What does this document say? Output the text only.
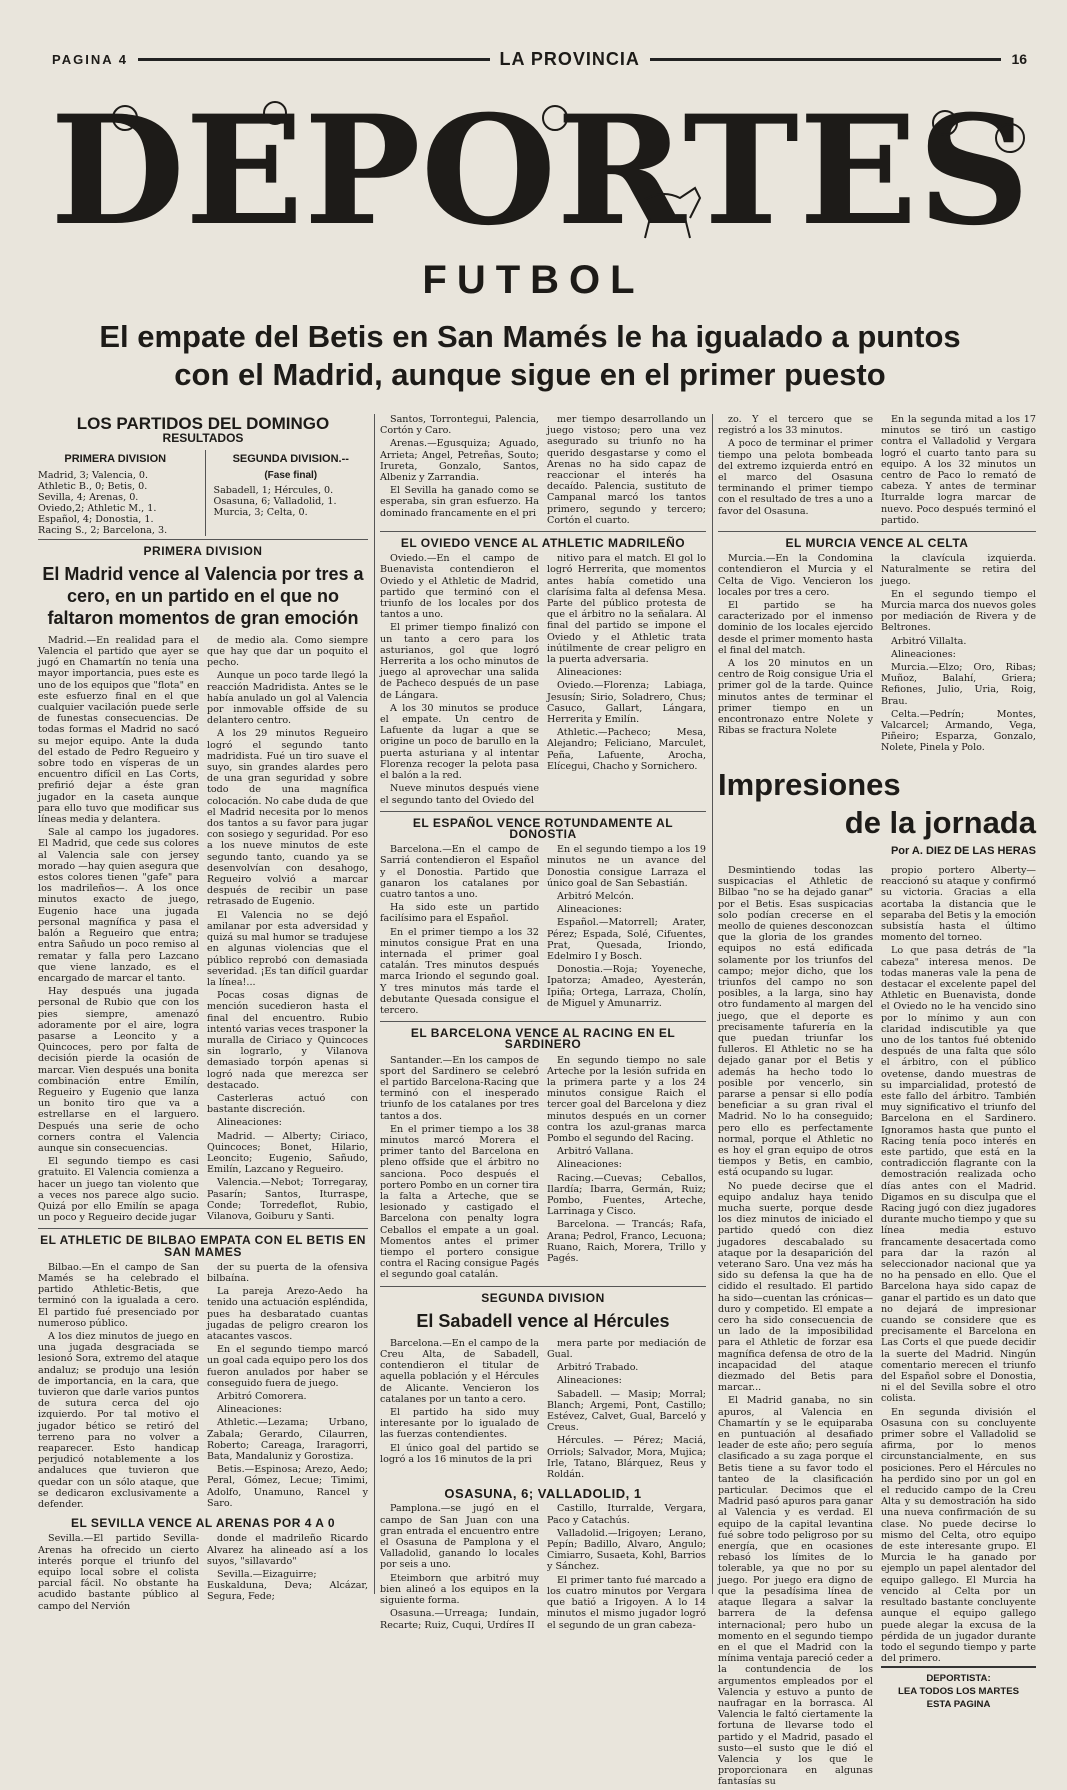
PAGINA 4	LA PROVINCIA	16
DEPORTES
FUTBOL
El empate del Betis en San Mamés le ha igualado a puntos
con el Madrid, aunque sigue en el primer puesto
LOS PARTIDOS DEL DOMINGO
RESULTADOS
PRIMERA DIVISION
Madrid, 3; Valencia, 0.
Athletic B., 0; Betis, 0.
Sevilla, 4; Arenas, 0.
Oviedo,2; Athletic M., 1.
Español, 4; Donostia, 1.
Racing S., 2; Barcelona, 3.
SEGUNDA DIVISION.--
(Fase final)
Sabadell, 1; Hércules, 0.
Osasuna, 6; Valladolid, 1.
Murcia, 3; Celta, 0.
PRIMERA DIVISION
El Madrid vence al Valencia por tres a cero, en un partido en el que no faltaron momentos de gran emoción

Madrid.—En realidad para el Valencia el partido que ayer se jugó en Chamartín no tenía una mayor importancia, pues este es uno de los equipos que "flota" en este esfuerzo final en el que cualquier vacilación puede serle de funestas consecuencias. De todas formas el Madrid no sacó su mejor equipo. Ante la duda del estado de Pedro Regueiro y sobre todo en vísperas de un encuentro difícil en Las Corts, prefirió dejar a éste gran jugador en la caseta aunque para ello tuvo que modificar sus líneas media y delantera.

Sale al campo los jugadores. El Madrid, que cede sus colores al Valencia sale con jersey morado —hay quien asegura que estos colores tienen "gafe" para los madrileños—. A los once minutos exacto de juego, Eugenio hace una jugada personal magnífica y pasa el balón a Regueiro que entra; entra Sañudo un poco remiso al rematar y falla pero Lazcano que viene lanzado, es el encargado de marcar el tanto.

Hay después una jugada personal de Rubio que con los pies siempre, amenazó adoramente por el aire, logra pasarse a Leoncito y a Quincoces, pero por falta de decisión pierde la ocasión de marcar. Vien después una bonita combinación entre Emilín, Regueiro y Eugenio que lanza un bonito tiro que va a estrellarse en el larguero. Después una serie de ocho corners contra el Valencia aunque sin consecuencias.

El segundo tiempo es casi gratuito. El Valencia comienza a hacer un juego tan violento que a veces nos parece algo sucio. Quizá por ello Emilín se apaga un poco y Regueiro decide jugar

de medio ala. Como siempre que hay que dar un poquito el pecho.

Aunque un poco tarde llegó la reacción Madridista. Antes se le había anulado un gol al Valencia por inmovable offside de su delantero centro.

A los 29 minutos Regueiro logró el segundo tanto madridista. Fué un tiro suave el suyo, sin grandes alardes pero de una gran seguridad y sobre todo de una magnífica colocación. No cabe duda de que el Madrid necesita por lo menos dos tantos a su favor para jugar con sosiego y seguridad. Por eso a los nueve minutos de este segundo tanto, cuando ya se desenvolvían con desahogo, Regueiro volvió a marcar después de recibir un pase retrasado de Eugenio.

El Valencia no se dejó amilanar por esta adversidad y quizá su mal humor se tradujese en algunas violencias que el público reprobó con demasiada severidad. ¡Es tan difícil guardar la línea!...

Pocas cosas dignas de mención sucedieron hasta el final del encuentro. Rubio intentó varias veces trasponer la muralla de Ciriaco y Quincoces sin lograrlo, y Vilanova demasiado torpón apenas si logró nada que merezca ser destacado.

Casterleras actuó con bastante discreción.

Alineaciones:

Madrid. — Alberty; Ciriaco, Quincoces; Bonet, Hilario, Leoncito; Eugenio, Sañudo, Emilín, Lazcano y Regueiro.

Valencia.—Nebot; Torregaray, Pasarín; Santos, Iturraspe, Conde; Torredeflot, Rubio, Vilanova, Goiburu y Santi.

EL ATHLETIC DE BILBAO EMPATA CON EL BETIS EN SAN MAMES

Bilbao.—En el campo de San Mamés se ha celebrado el partido Athletic-Betis, que terminó con la igualada a cero. El partido fué presenciado por numeroso público.

A los diez minutos de juego en una jugada desgraciada se lesionó Sora, extremo del ataque andaluz; se produjo una lesión de importancia, en la cara, que tuvieron que darle varios puntos de sutura cerca del ojo izquierdo. Por tal motivo el jugador bético se retiró del terreno para no volver a reaparecer. Esto handicap perjudicó notablemente a los andaluces que tuvieron que quedar con un sólo ataque, que se dedicaron exclusivamente a defender.

der su puerta de la ofensiva bilbaína.

La pareja Arezo-Aedo ha tenido una actuación espléndida, pues ha desbaratado cuantas jugadas de peligro crearon los atacantes vascos.

En el segundo tiempo marcó un goal cada equipo pero los dos fueron anulados por haber se conseguido fuera de juego.

Arbitró Comorera.

Alineaciones:

Athletic.—Lezama; Urbano, Zabala; Gerardo, Cilaurren, Roberto; Careaga, Iraragorri, Bata, Mandaluniz y Gorostiza.

Betis.—Espinosa; Arezo, Aedo; Peral, Gómez, Lecue; Timimi, Adolfo, Unamuno, Rancel y Saro.

EL SEVILLA VENCE AL ARENAS POR 4 A 0

Sevilla.—El partido Sevilla-Arenas ha ofrecido un cierto interés porque el triunfo del equipo local sobre el colista parcial fácil. No obstante ha acudido bastante público al campo del Nervión

donde el madrileño Ricardo Alvarez ha alineado así a los suyos, "sillavardo"

Sevilla.—Eizaguirre; Euskalduna, Deva; Alcázar, Segura, Fede;

Santos, Torrontegui, Palencia, Cortón y Caro.

Arenas.—Egusquiza; Aguado, Arrieta; Angel, Petreñas, Souto; Irureta, Gonzalo, Santos, Albeniz y Zarrandia.

El Sevilla ha ganado como se esperaba, sin gran esfuerzo. Ha dominado francamente en el pri

mer tiempo desarrollando un juego vistoso; pero una vez asegurado su triunfo no ha querido desgastarse y como el Arenas no ha sido capaz de reaccionar el interés ha decaído. Palencia, sustituto de Campanal marcó los tantos primero, segundo y tercero; Cortón el cuarto.

EL OVIEDO VENCE AL ATHLETIC MADRILEÑO

Oviedo.—En el campo de Buenavista contendieron el Oviedo y el Athletic de Madrid, partido que terminó con el triunfo de los locales por dos tantos a uno.

El primer tiempo finalizó con un tanto a cero para los asturianos, gol que logró Herrerita a los ocho minutos de juego al aprovechar una salida de Pacheco después de un pase de Lángara.

A los 30 minutos se produce el empate. Un centro de Lafuente da lugar a que se origine un poco de barullo en la puerta asturiana y al intentar Florenza recoger la pelota pasa el balón a la red.

Nueve minutos después viene el segundo tanto del Oviedo del

nitivo para el match. El gol lo logró Herrerita, que momentos antes había cometido una clarísima falta al defensa Mesa. Parte del público protesta de que el árbitro no la señalara. Al final del partido se impone el Oviedo y el Athletic trata inútilmente de crear peligro en la puerta adversaria.

Alineaciones:

Oviedo.—Florenza; Labiaga, Jesusín; Sirio, Soladrero, Chus; Casuco, Gallart, Lángara, Herrerita y Emilín.

Athletic.—Pacheco; Mesa, Alejandro; Feliciano, Marculet, Peña, Lafuente, Arocha, Elícegui, Chacho y Sornichero.

EL ESPAÑOL VENCE ROTUNDAMENTE AL DONOSTIA

Barcelona.—En el campo de Sarriá contendieron el Español y el Donostia. Partido que ganaron los catalanes por cuatro tantos a uno.

Ha sido este un partido facilísimo para el Español.

En el primer tiempo a los 32 minutos consigue Prat en una internada el primer goal catalán. Tres minutos después marca Iriondo el segundo goal. Y tres minutos más tarde el debutante Quesada consigue el tercero.

En el segundo tiempo a los 19 minutos ne un avance del Donostia consigue Larraza el único goal de San Sebastián.

Arbitró Melcón.

Alineaciones:

Español.—Matorrell; Arater, Pérez; Espada, Solé, Cifuentes, Prat, Quesada, Iriondo, Edelmiro I y Bosch.

Donostia.—Roja; Yoyeneche, Ipatorza; Amadeo, Ayesterán, Ipiña; Ortega, Larraza, Cholín, de Miguel y Amunarriz.

EL BARCELONA VENCE AL RACING EN EL SARDINERO

Santander.—En los campos de sport del Sardinero se celebró el partido Barcelona-Racing que terminó con el inesperado triunfo de los catalanes por tres tantos a dos.

En el primer tiempo a los 38 minutos marcó Morera el primer tanto del Barcelona en pleno offside que el árbitro no sanciona. Poco después el portero Pombo en un corner tira la falta a Arteche, que se lesionado y castigado el Barcelona con penalty logra Ceballos el empate a un goal. Momentos antes el primer tiempo el portero consigue contra el Racing consigue Pagés el segundo goal catalán.

En segundo tiempo no sale Arteche por la lesión sufrida en la primera parte y a los 24 minutos consigue Raich el tercer goal del Barcelona y diez minutos después en un corner contra los azul-granas marca Pombo el segundo del Racing.

Arbitró Vallana.

Alineaciones:

Racing.—Cuevas; Ceballos, Ilardía; Ibarra, Germán, Ruiz; Pombo, Fuentes, Arteche, Larrinaga y Cisco.

Barcelona. — Trancás; Rafa, Arana; Pedrol, Franco, Lecuona; Ruano, Raich, Morera, Trillo y Pagés.

SEGUNDA DIVISION
El Sabadell vence al Hércules

Barcelona.—En el campo de la Creu Alta, de Sabadell, contendieron el titular de aquella población y el Hércules de Alicante. Vencieron los catalanes por un tanto a cero.

El partido ha sido muy interesante por lo igualado de las fuerzas contendientes.

El único goal del partido se logró a los 16 minutos de la pri

mera parte por mediación de Gual.

Arbitró Trabado.

Alineaciones:

Sabadell. — Masip; Morral; Blanch; Argemi, Pont, Castillo; Estévez, Calvet, Gual, Barceló y Creus.

Hércules. — Pérez; Maciá, Orriols; Salvador, Mora, Mujica; Irle, Tatano, Blárquez, Reus y Roldán.

OSASUNA, 6; VALLADOLID, 1

Pamplona.—se jugó en el campo de San Juan con una gran entrada el encuentro entre el Osasuna de Pamplona y el Valladolid, ganando lo locales por seis a uno.

Eteimborn que arbitró muy bien alineó a los equipos en la siguiente forma.

Osasuna.—Urreaga; Iundain, Recarte; Ruiz, Cuqui, Urdíres II

Castillo, Iturralde, Vergara, Paco y Catachús.

Valladolid.—Irigoyen; Lerano, Pepín; Badillo, Alvaro, Angulo; Cimiarro, Susaeta, Kohl, Barrios y Sánchez.

El primer tanto fué marcado a los cuatro minutos por Vergara que batió a Irigoyen. A lo 14 minutos el mismo jugador logró el segundo de un gran cabeza-

zo. Y el tercero que se registró a los 33 minutos.

A poco de terminar el primer tiempo una pelota bombeada del extremo izquierda entró en el marco del Osasuna terminando el primer tiempo con el resultado de tres a uno a favor del Osasuna.

En la segunda mitad a los 17 minutos se tiró un castigo contra el Valladolid y Vergara logró el cuarto tanto para su equipo. A los 32 minutos un centro de Paco lo remató de cabeza. Y antes de terminar Iturralde logra marcar de nuevo. Poco después terminó el partido.

EL MURCIA VENCE AL CELTA

Murcia.—En la Condomina contendieron el Murcia y el Celta de Vigo. Vencieron los locales por tres a cero.

El partido se ha caracterizado por el inmenso dominio de los locales ejercido desde el primer momento hasta el final del match.

A los 20 minutos en un centro de Roig consigue Uria el primer gol de la tarde. Quince minutos antes de terminar el primer tiempo en un encontronazo entre Nolete y Ribas se fractura Nolete

la clavícula izquierda. Naturalmente se retira del juego.

En el segundo tiempo el Murcia marca dos nuevos goles por mediación de Rivera y de Beltrones.

Arbitró Villalta.

Alineaciones:

Murcia.—Elzo; Oro, Ribas; Muñoz, Balahí, Griera; Refiones, Julio, Uria, Roig, Brau.

Celta.—Pedrín; Montes, Valcarcel; Armando, Vega, Piñeiro; Esparza, Gonzalo, Nolete, Pinela y Polo.

Impresiones
de la jornada
Por A. DIEZ DE LAS HERAS

Desmintiendo todas las suspicacias el Athletic de Bilbao "no se ha dejado ganar" por el Betis. Esas suspicacias solo podían crecerse en el meollo de quienes desconozcan que la gloria de los grandes equipos no está edificada solamente por los triunfos del campo; mejor dicho, que los triunfos del campo no son posibles, a la larga, sino hay otro fundamento al margen del juego, que el deporte es precisamente tafurería en la que puedan triunfar los fulleros. El Athletic no se ha dejado ganar por el Betis y además ha hecho todo lo posible por vencerlo, sin pararse a pensar si ello podía beneficiar a su gran rival el Madrid. No lo ha conseguido; pero ello es perfectamente normal, porque el Athletic no es hoy el gran equipo de otros tiempos y Betis, en cambio, está ocupando su lugar.

No puede decirse que el equipo andaluz haya tenido mucha suerte, porque desde los diez minutos de iniciado el partido quedó con diez jugadores descabalado su ataque por la desaparición del veterano Saro. Una vez más ha sido su defensa la que ha de cidido el resultado. El partido ha sido—cuentan las crónicas—duro y competido. El empate a cero ha sido consecuencia de un lado de la imposibilidad para el Athletic de forzar esa magnífica defensa de otro de la incapacidad del ataque diezmado del Betis para marcar...

El Madrid ganaba, no sin apuros, al Valencia en Chamartín y se le equiparaba en puntuación al desafiado leader de este año; pero seguía clasificado a su zaga porque el Betis tiene a su favor todo el tanteo de la clasificación particular. Decimos que el Madrid pasó apuros para ganar al Valencia y es verdad. El equipo de la capital levantina fué sobre todo peligroso por su energía, que en ocasiones rebasó los límites de lo tolerable, ya que no por su juego. Por juego era digno de que la pesadísima línea de ataque llegara a salvar la barrera de la defensa internacional; pero hubo un momento en el segundo tiempo en el que el Madrid con la mínima ventaja pareció ceder a la contundencia de los argumentos empleados por el Valencia y estuvo a punto de naufragar en la borrasca. Al Valencia le faltó ciertamente la fortuna de llevarse todo el partido y el Madrid, pasado el susto—el susto que le dió el Valencia y los que le proporcionara en algunas fantasías su

propio portero Alberty—reaccionó su ataque y confirmó su victoria. Gracias a ella acortaba la distancia que le separaba del Betis y la emoción subsistía hasta el último momento del torneo.

Lo que pasa detrás de "la cabeza" interesa menos. De todas maneras vale la pena de destacar el excelente papel del Athletic en Buenavista, donde el Oviedo no le ha vencido sino por lo mínimo y aun con claridad indiscutible ya que uno de los tantos fué obtenido después de una falta que sólo el árbitro, con el público ovetense, dando muestras de su imparcialidad, protestó de este fallo del árbitro. También muy significativo el triunfo del Barcelona en el Sardinero. Ignoramos hasta que punto el Racing tenía poco interés en este partido, que está en la contradicción flagrante con la demostración realizada ocho días antes con el Madrid. Digamos en su disculpa que el Racing jugó con diez jugadores durante mucho tiempo y que su línea media estuvo francamente desacertada como para dar la razón al seleccionador nacional que ya no ha pensado en ello. Que el Barcelona haya sido capaz de ganar el partido es un dato que no dejará de impresionar cuando se considere que es precisamente el Barcelona en Las Corts el que puede decidir la suerte del Madrid. Ningún comentario merecen el triunfo del Español sobre el Donostia, ni el del Sevilla sobre el otro colista.

En segunda división el Osasuna con su concluyente primer sobre el Valladolid se afirma, por lo menos circunstancialmente, en sus posiciones. Pero el Hércules no ha perdido sino por un gol en el reducido campo de la Creu Alta y su demostración ha sido una nueva confirmación de su clase. No puede decirse lo mismo del Celta, otro equipo de este interesante grupo. El Murcia le ha ganado por ejemplo un papel alentador del equipo gallego. El Murcia ha vencido al Celta por un resultado bastante concluyente aunque el equipo gallego puede alegar la excusa de la pérdida de un jugador durante todo el segundo tiempo y parte del primero.

DEPORTISTA:
LEA TODOS LOS MARTES
ESTA PAGINA
